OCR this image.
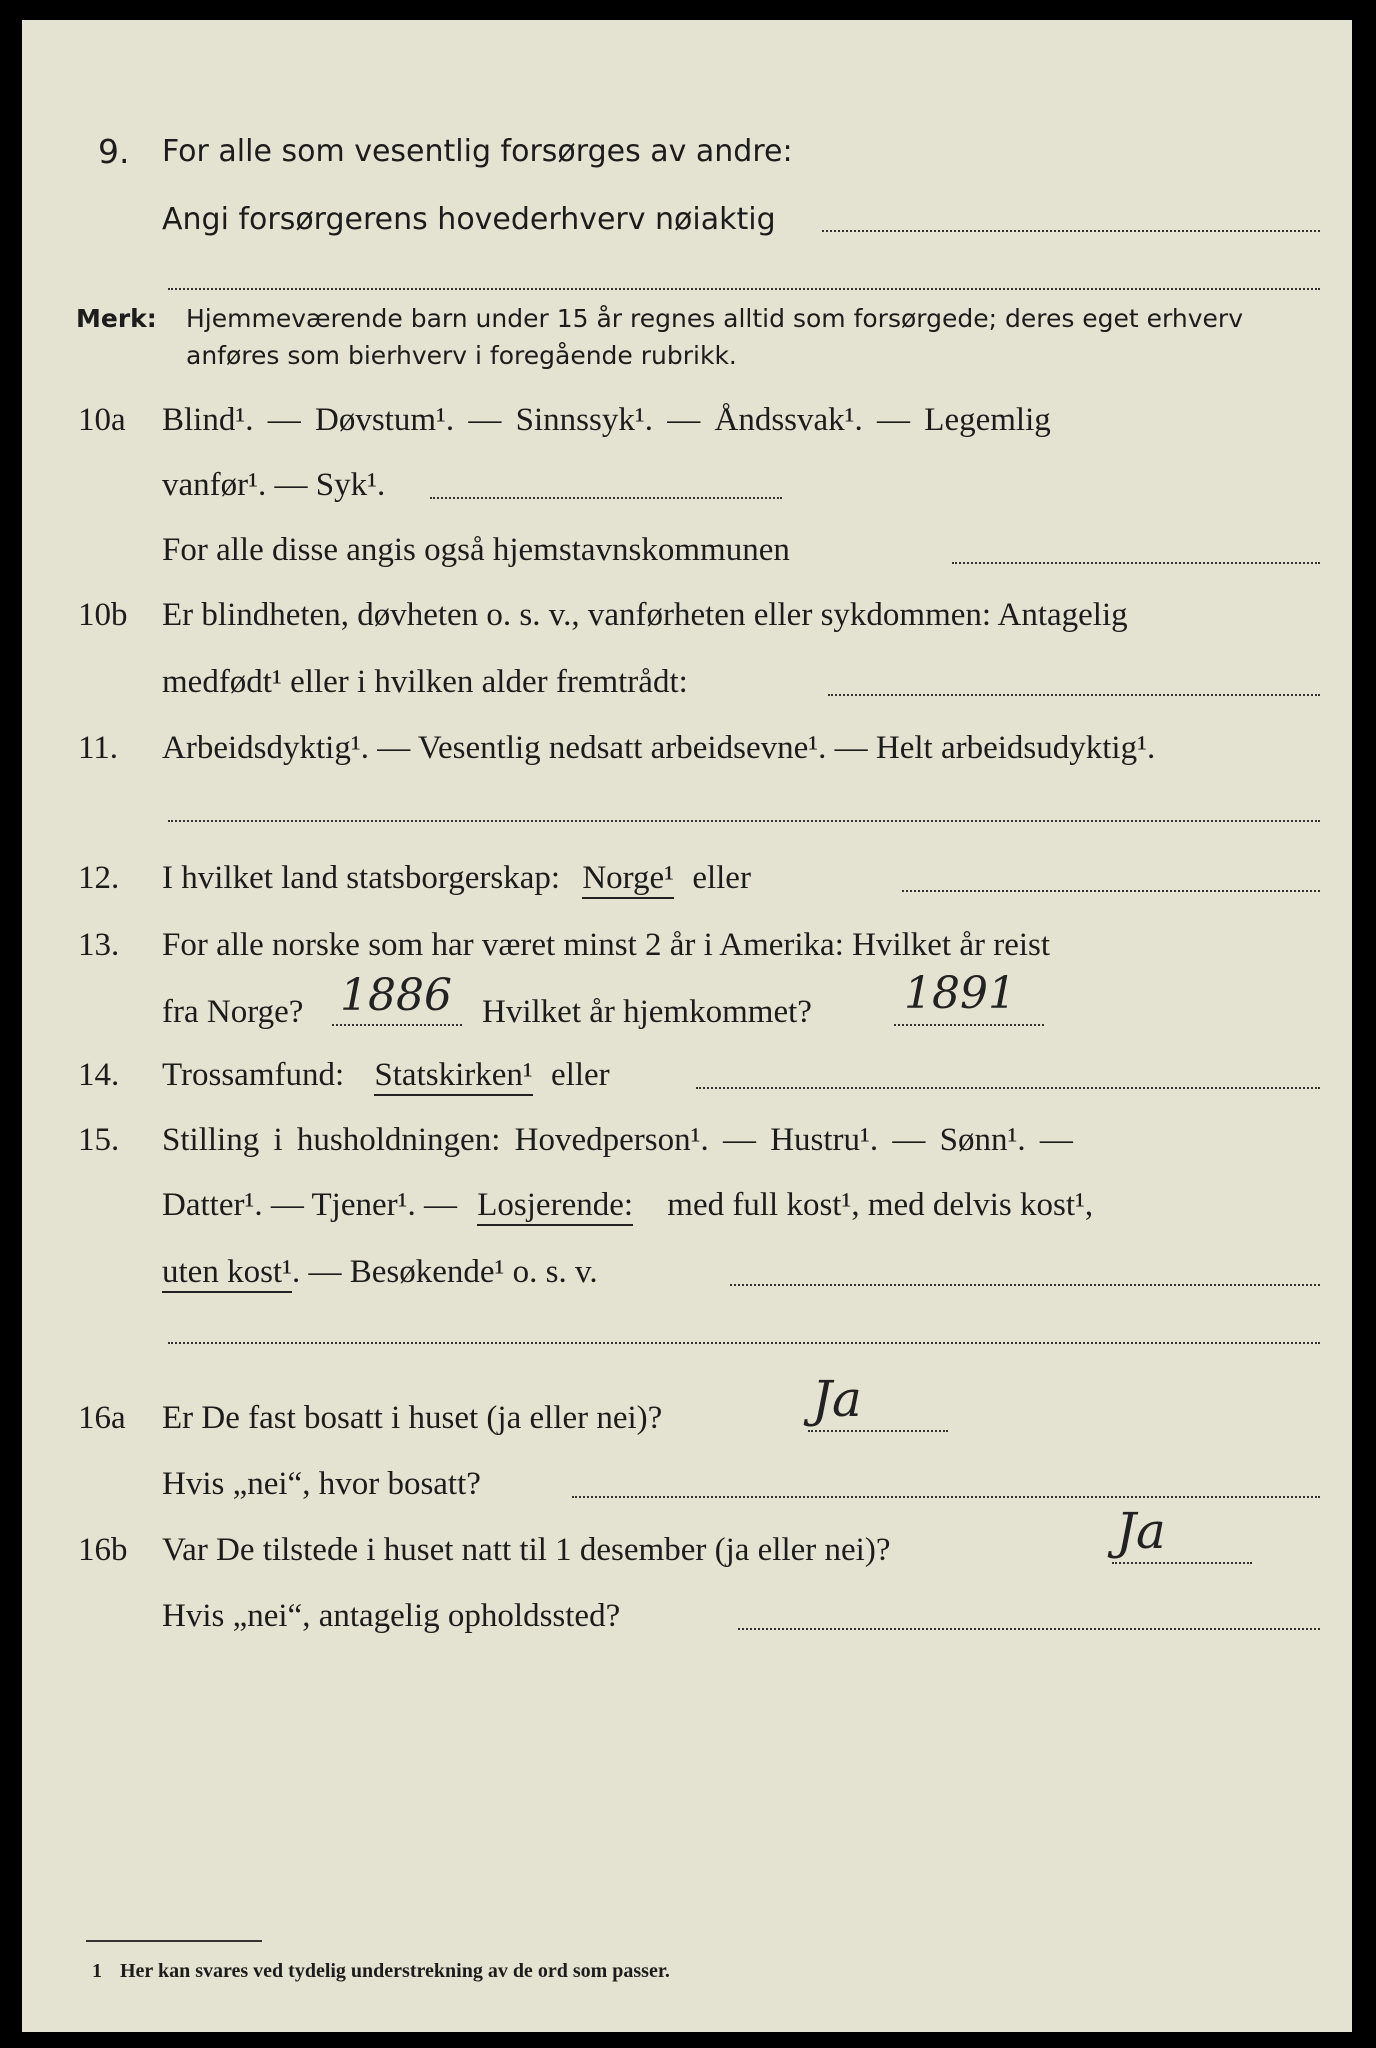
9. For alle som vesentlig forsørges av andre:
Angi forsørgerens hovederhverv nøiaktig
Merk: Hjemmeværende barn under 15 år regnes alltid som forsørgede; deres eget erhverv
anføres som bierhverv i foregående rubrikk.
10a Blind¹. — Døvstum¹. — Sinnssyk¹. — Åndssvak¹. — Legemlig
vanfør¹. — Syk¹.
For alle disse angis også hjemstavnskommunen
10b Er blindheten, døvheten o. s. v., vanførheten eller sykdommen: Antagelig
medfødt¹ eller i hvilken alder fremtrådt:
11. Arbeidsdyktig¹. — Vesentlig nedsatt arbeidsevne¹. — Helt arbeidsudyktig¹.
12. I hvilket land statsborgerskap: Norge¹ eller
13. For alle norske som har været minst 2 år i Amerika: Hvilket år reist
fra Norge? 1886 Hvilket år hjemkommet? 1891
14. Trossamfund: Statskirken¹ eller
15. Stilling i husholdningen: Hovedperson¹. — Hustru¹. — Sønn¹. —
Datter¹. — Tjener¹. — Losjerende: med full kost¹, med delvis kost¹,
uten kost¹. — Besøkende¹ o. s. v.
16a Er De fast bosatt i huset (ja eller nei)?	Ja
Hvis „nei“, hvor bosatt?
16b Var De tilstede i huset natt til 1 desember (ja eller nei)?	Ja
Hvis „nei“, antagelig opholdssted?
1 Her kan svares ved tydelig understrekning av de ord som passer.
